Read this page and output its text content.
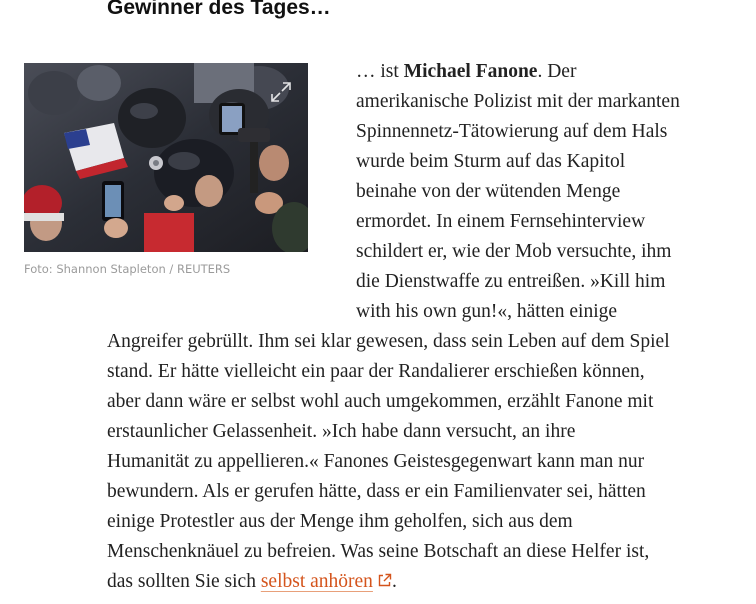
Gewinner des Tages…
Foto: Shannon Stapleton / REUTERS

… ist Michael Fanone. Der
amerikanische Polizist mit der markanten
Spinnennetz-Tätowierung auf dem Hals
wurde beim Sturm auf das Kapitol
beinahe von der wütenden Menge
ermordet. In einem Fernsehinterview
schildert er, wie der Mob versuchte, ihm
die Dienstwaffe zu entreißen. »Kill him
with his own gun!«, hätten einige
Angreifer gebrüllt. Ihm sei klar gewesen, dass sein Leben auf dem Spiel
stand. Er hätte vielleicht ein paar der Randalierer erschießen können,
aber dann wäre er selbst wohl auch umgekommen, erzählt Fanone mit
erstaunlicher Gelassenheit. »Ich habe dann versucht, an ihre
Humanität zu appellieren.« Fanones Geistesgegenwart kann man nur
bewundern. Als er gerufen hätte, dass er ein Familienvater sei, hätten
einige Protestler aus der Menge ihm geholfen, sich aus dem
Menschenknäuel zu befreien. Was seine Botschaft an diese Helfer ist,
das sollten Sie sich selbst anhören .
